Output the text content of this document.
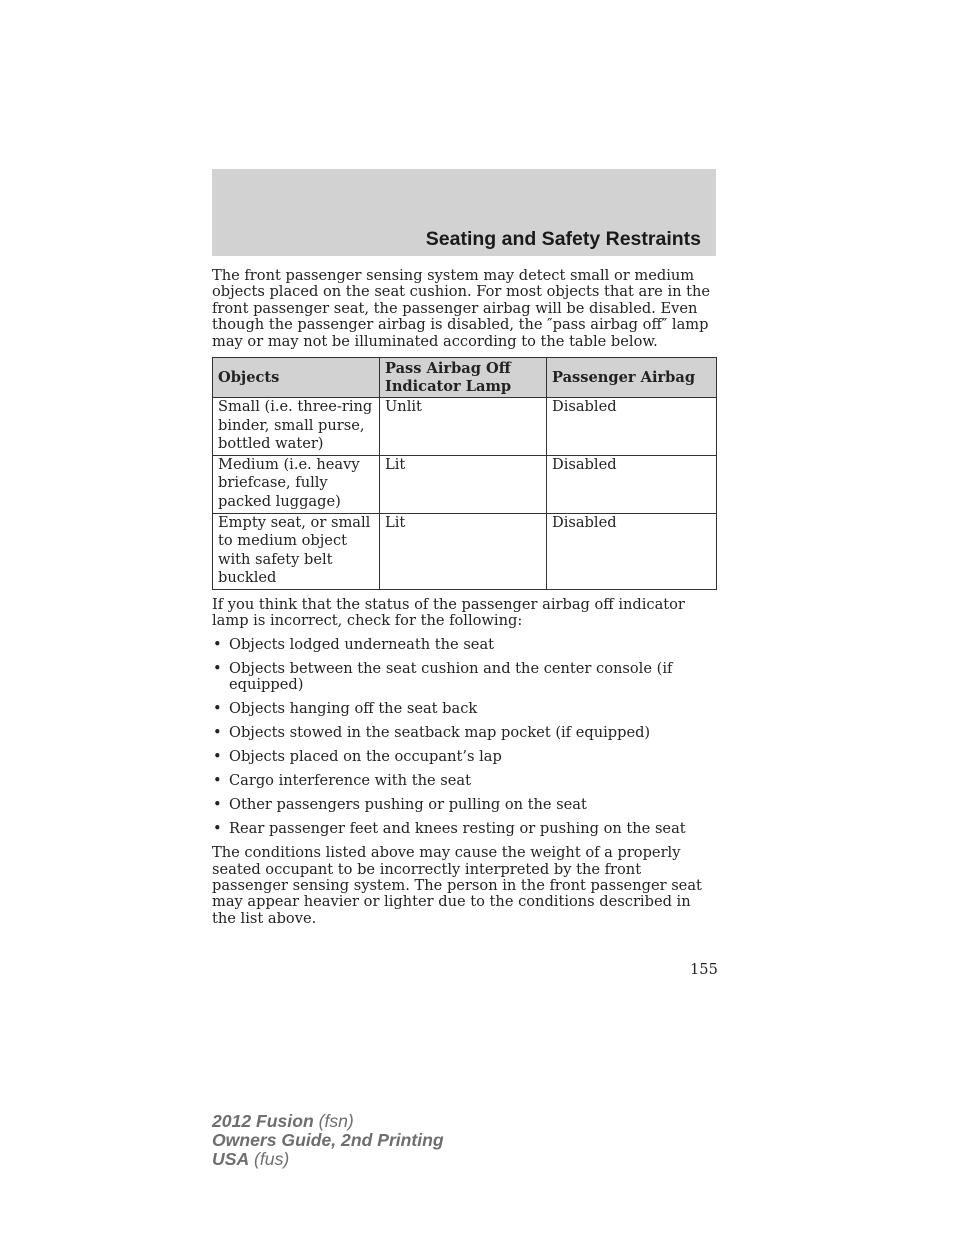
Seating and Safety Restraints

The front passenger sensing system may detect small or medium objects placed on the seat cushion. For most objects that are in the front passenger seat, the passenger airbag will be disabled. Even though the passenger airbag is disabled, the ″pass airbag off″ lamp may or may not be illuminated according to the table below.

Objects	Pass Airbag Off Indicator Lamp	Passenger Airbag
Small (i.e. three-ring binder, small purse, bottled water)	Unlit	Disabled
Medium (i.e. heavy briefcase, fully packed luggage)	Lit	Disabled
Empty seat, or small to medium object with safety belt buckled	Lit	Disabled

If you think that the status of the passenger airbag off indicator lamp is incorrect, check for the following:

• Objects lodged underneath the seat
• Objects between the seat cushion and the center console (if equipped)
• Objects hanging off the seat back
• Objects stowed in the seatback map pocket (if equipped)
• Objects placed on the occupant’s lap
• Cargo interference with the seat
• Other passengers pushing or pulling on the seat
• Rear passenger feet and knees resting or pushing on the seat

The conditions listed above may cause the weight of a properly seated occupant to be incorrectly interpreted by the front passenger sensing system. The person in the front passenger seat may appear heavier or lighter due to the conditions described in the list above.

155
2012 Fusion (fsn)
Owners Guide, 2nd Printing
USA (fus)
